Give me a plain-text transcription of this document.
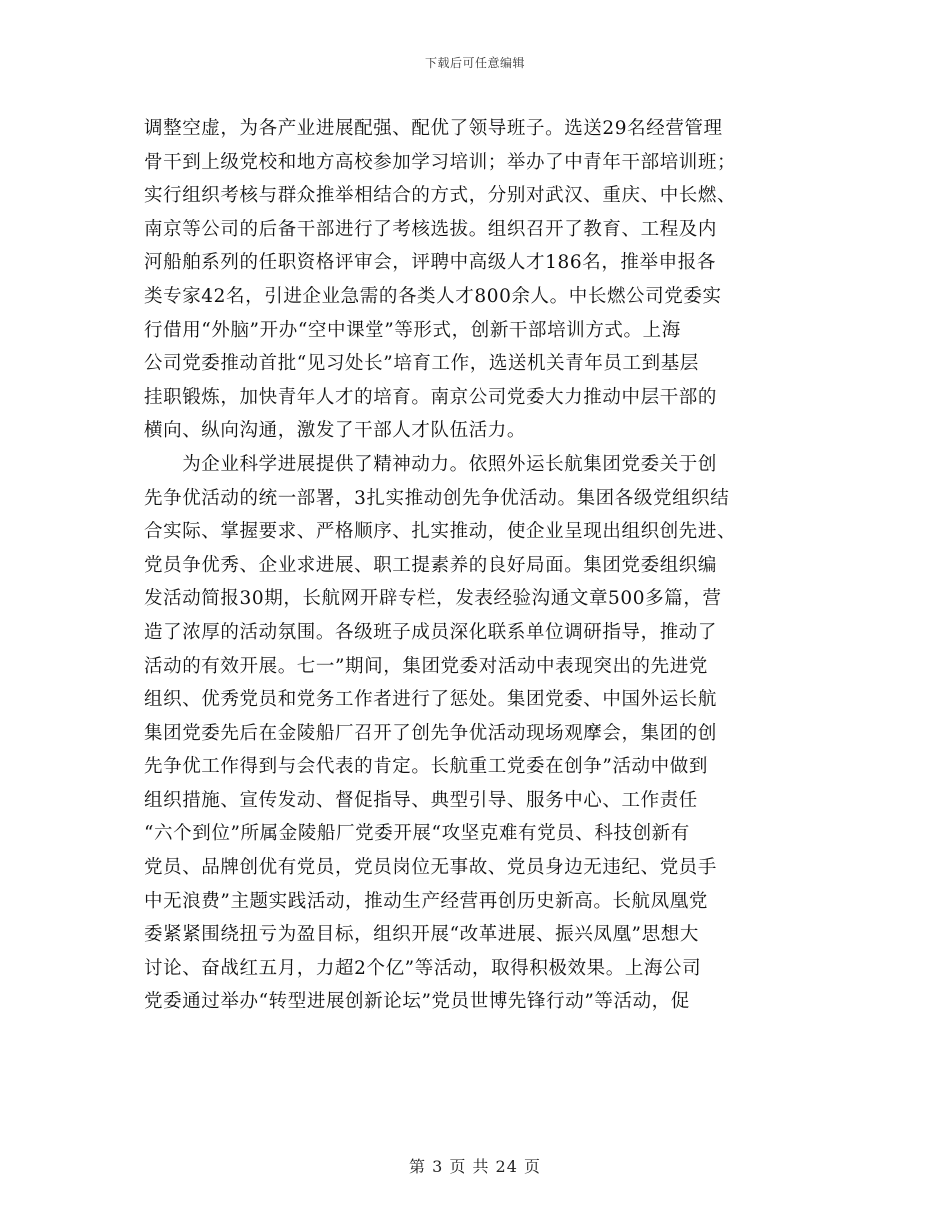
下载后可任意编辑
调整空虚，为各产业进展配强、配优了领导班子。选送29名经营管理
骨干到上级党校和地方高校参加学习培训；举办了中青年干部培训班；
实行组织考核与群众推举相结合的方式，分别对武汉、重庆、中长燃、
南京等公司的后备干部进行了考核选拔。组织召开了教育、工程及内
河船舶系列的任职资格评审会，评聘中高级人才186名，推举申报各
类专家42名，引进企业急需的各类人才800余人。中长燃公司党委实
行借用“外脑”开办“空中课堂”等形式，创新干部培训方式。上海
公司党委推动首批“见习处长”培育工作，选送机关青年员工到基层
挂职锻炼，加快青年人才的培育。南京公司党委大力推动中层干部的
横向、纵向沟通，激发了干部人才队伍活力。
　　为企业科学进展提供了精神动力。依照外运长航集团党委关于创
先争优活动的统一部署，3扎实推动创先争优活动。集团各级党组织结
合实际、掌握要求、严格顺序、扎实推动，使企业呈现出组织创先进、
党员争优秀、企业求进展、职工提素养的良好局面。集团党委组织编
发活动简报30期，长航网开辟专栏，发表经验沟通文章500多篇，营
造了浓厚的活动氛围。各级班子成员深化联系单位调研指导，推动了
活动的有效开展。七一”期间，集团党委对活动中表现突出的先进党
组织、优秀党员和党务工作者进行了惩处。集团党委、中国外运长航
集团党委先后在金陵船厂召开了创先争优活动现场观摩会，集团的创
先争优工作得到与会代表的肯定。长航重工党委在创争”活动中做到
组织措施、宣传发动、督促指导、典型引导、服务中心、工作责任
“六个到位”所属金陵船厂党委开展“攻坚克难有党员、科技创新有
党员、品牌创优有党员，党员岗位无事故、党员身边无违纪、党员手
中无浪费”主题实践活动，推动生产经营再创历史新高。长航凤凰党
委紧紧围绕扭亏为盈目标，组织开展“改革进展、振兴凤凰”思想大
讨论、奋战红五月，力超2个亿”等活动，取得积极效果。上海公司
党委通过举办“转型进展创新论坛”党员世博先锋行动”等活动，促
第 3 页 共 24 页
